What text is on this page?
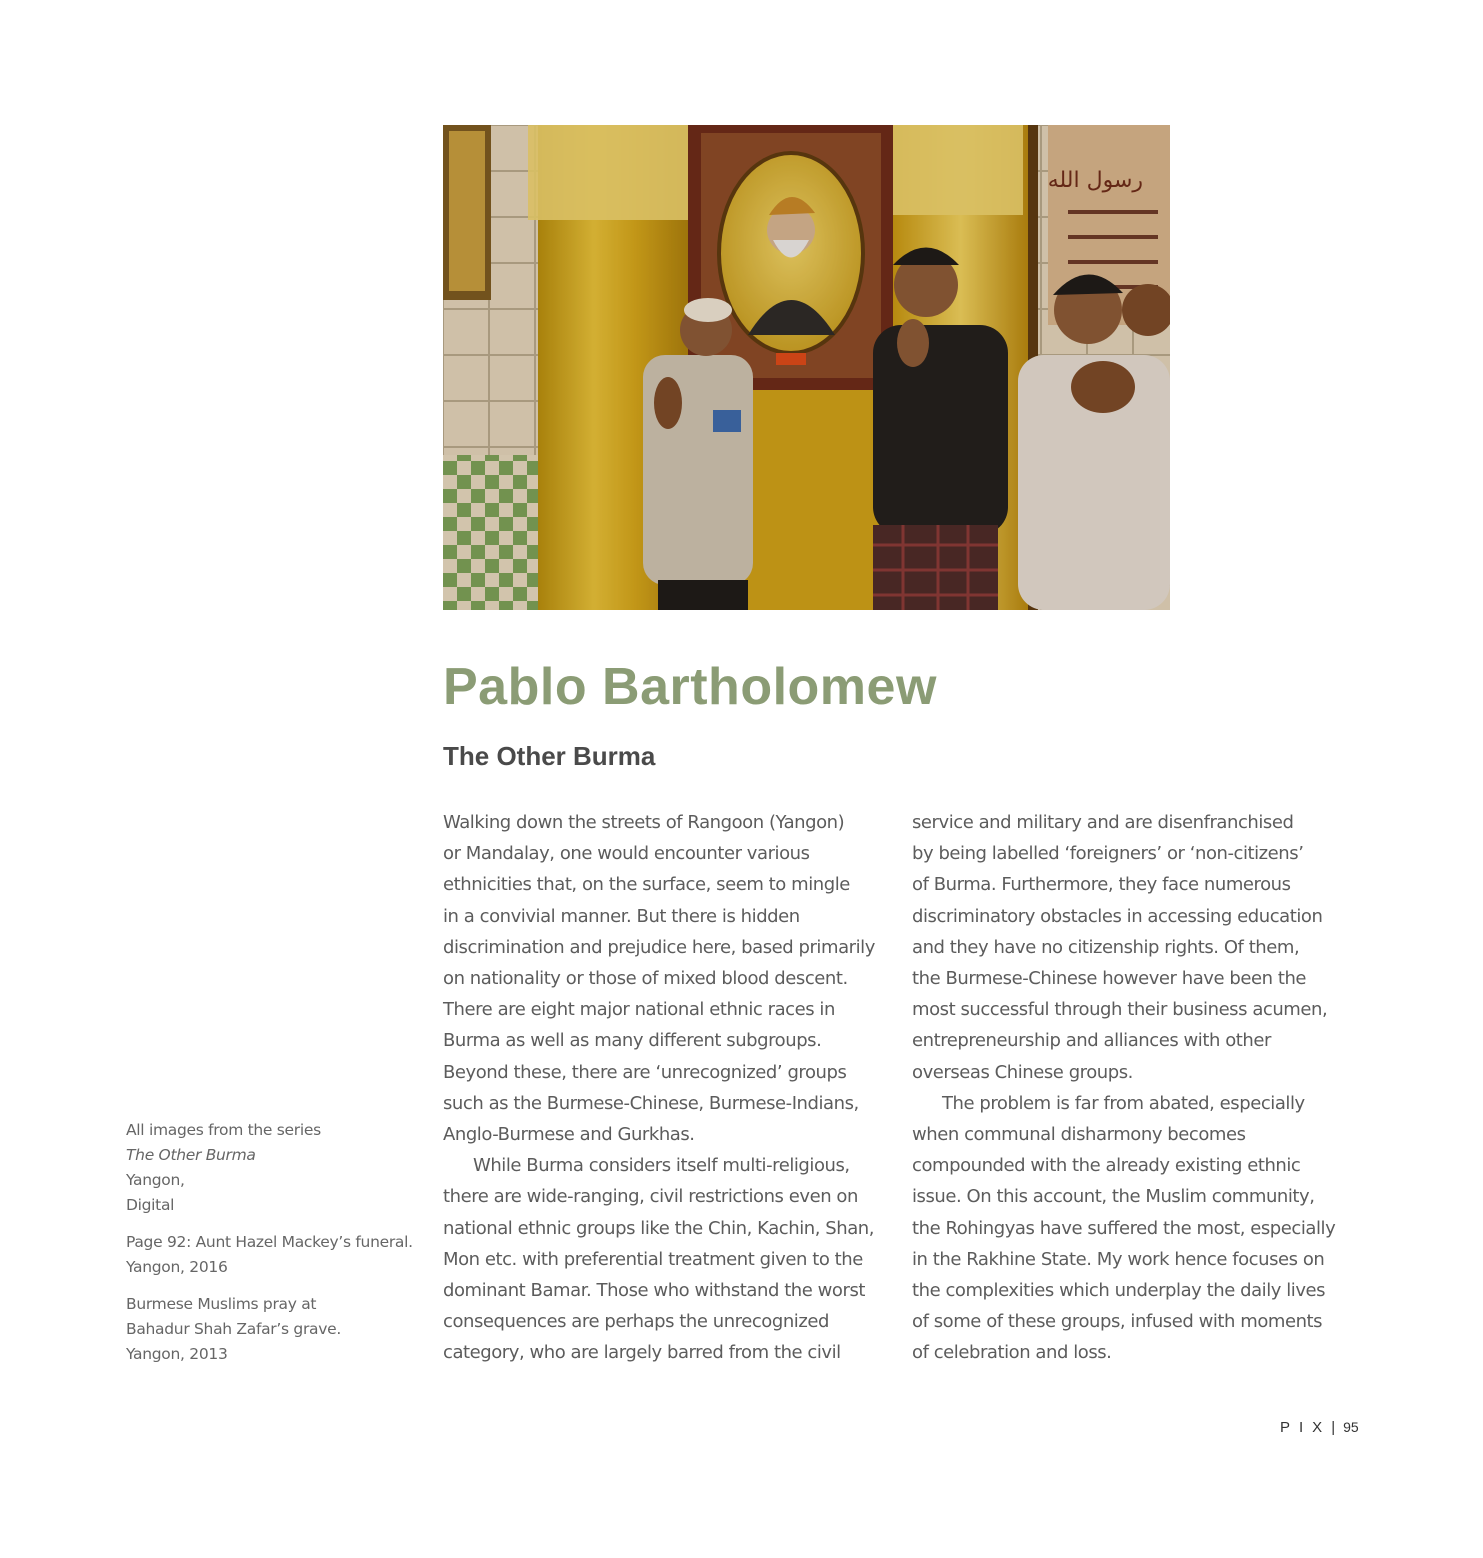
رسول الله
Pablo Bartholomew
The Other Burma

Walking down the streets of Rangoon (Yangon)

or Mandalay, one would encounter various

ethnicities that, on the surface, seem to mingle

in a convivial manner. But there is hidden

discrimination and prejudice here, based primarily

on nationality or those of mixed blood descent.

There are eight major national ethnic races in

Burma as well as many different subgroups.

Beyond these, there are ‘unrecognized’ groups

such as the Burmese-Chinese, Burmese-Indians,

Anglo-Burmese and Gurkhas.

While Burma considers itself multi-religious,

there are wide-ranging, civil restrictions even on

national ethnic groups like the Chin, Kachin, Shan,

Mon etc. with preferential treatment given to the

dominant Bamar. Those who withstand the worst

consequences are perhaps the unrecognized

category, who are largely barred from the civil

service and military and are disenfranchised

by being labelled ‘foreigners’ or ‘non-citizens’

of Burma. Furthermore, they face numerous

discriminatory obstacles in accessing education

and they have no citizenship rights. Of them,

the Burmese-Chinese however have been the

most successful through their business acumen,

entrepreneurship and alliances with other

overseas Chinese groups.

The problem is far from abated, especially

when communal disharmony becomes

compounded with the already existing ethnic

issue. On this account, the Muslim community,

the Rohingyas have suffered the most, especially

in the Rakhine State. My work hence focuses on

the complexities which underplay the daily lives

of some of these groups, infused with moments

of celebration and loss.

All images from the series
The Other Burma
Yangon,
Digital
Page 92: Aunt Hazel Mackey’s funeral.
Yangon, 2016
Burmese Muslims pray at
Bahadur Shah Zafar’s grave.
Yangon, 2013
PIX| 95
